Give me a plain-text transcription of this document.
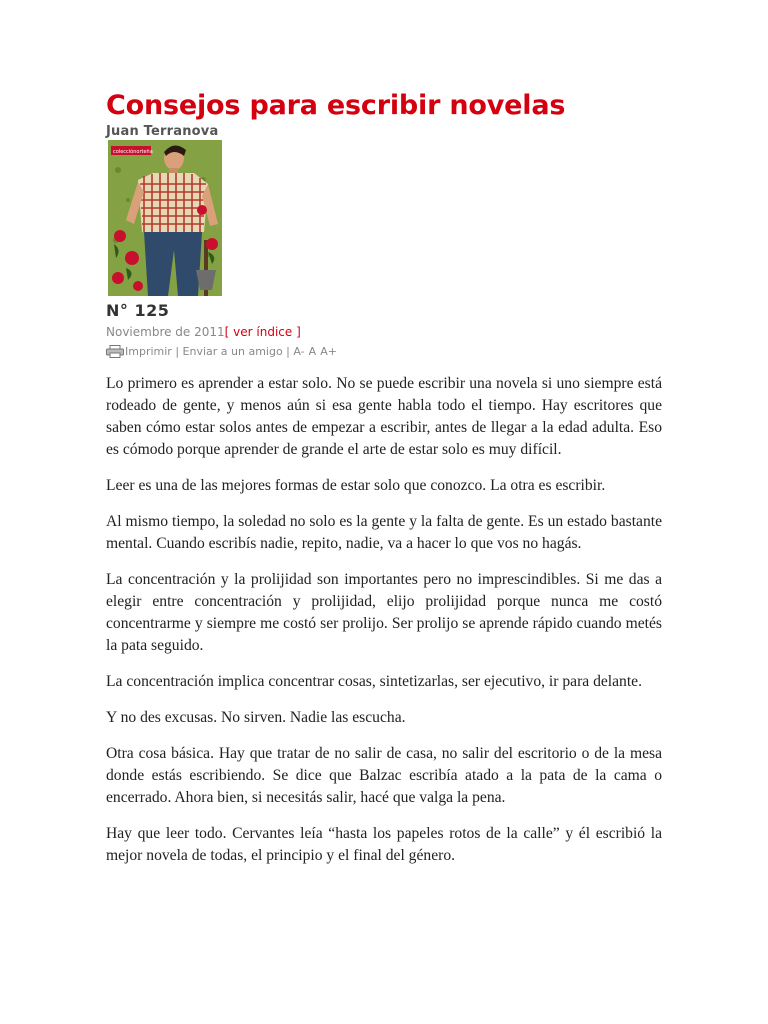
Consejos para escribir novelas
Juan Terranova
colecciónorteña
N° 125
Noviembre de 2011[ ver índice ]
Imprimir | Enviar a un amigo | A- A A+

Lo primero es aprender a estar solo. No se puede escribir una novela si uno siempre está rodeado de gente, y menos aún si esa gente habla todo el tiempo. Hay escritores que saben cómo estar solos antes de empezar a escribir, antes de llegar a la edad adulta. Eso es cómodo porque aprender de grande el arte de estar solo es muy difícil.

Leer es una de las mejores formas de estar solo que conozco. La otra es escribir.

Al mismo tiempo, la soledad no solo es la gente y la falta de gente. Es un estado bastante mental. Cuando escribís nadie, repito, nadie, va a hacer lo que vos no hagás.

La concentración y la prolijidad son importantes pero no imprescindibles. Si me das a elegir entre concentración y prolijidad, elijo prolijidad porque nunca me costó concentrarme y siempre me costó ser prolijo. Ser prolijo se aprende rápido cuando metés la pata seguido.

La concentración implica concentrar cosas, sintetizarlas, ser ejecutivo, ir para delante.

Y no des excusas. No sirven. Nadie las escucha.

Otra cosa básica. Hay que tratar de no salir de casa, no salir del escritorio o de la mesa donde estás escribiendo. Se dice que Balzac escribía atado a la pata de la cama o encerrado. Ahora bien, si necesitás salir, hacé que valga la pena.

Hay que leer todo. Cervantes leía “hasta los papeles rotos de la calle” y él escribió la mejor novela de todas, el principio y el final del género.
